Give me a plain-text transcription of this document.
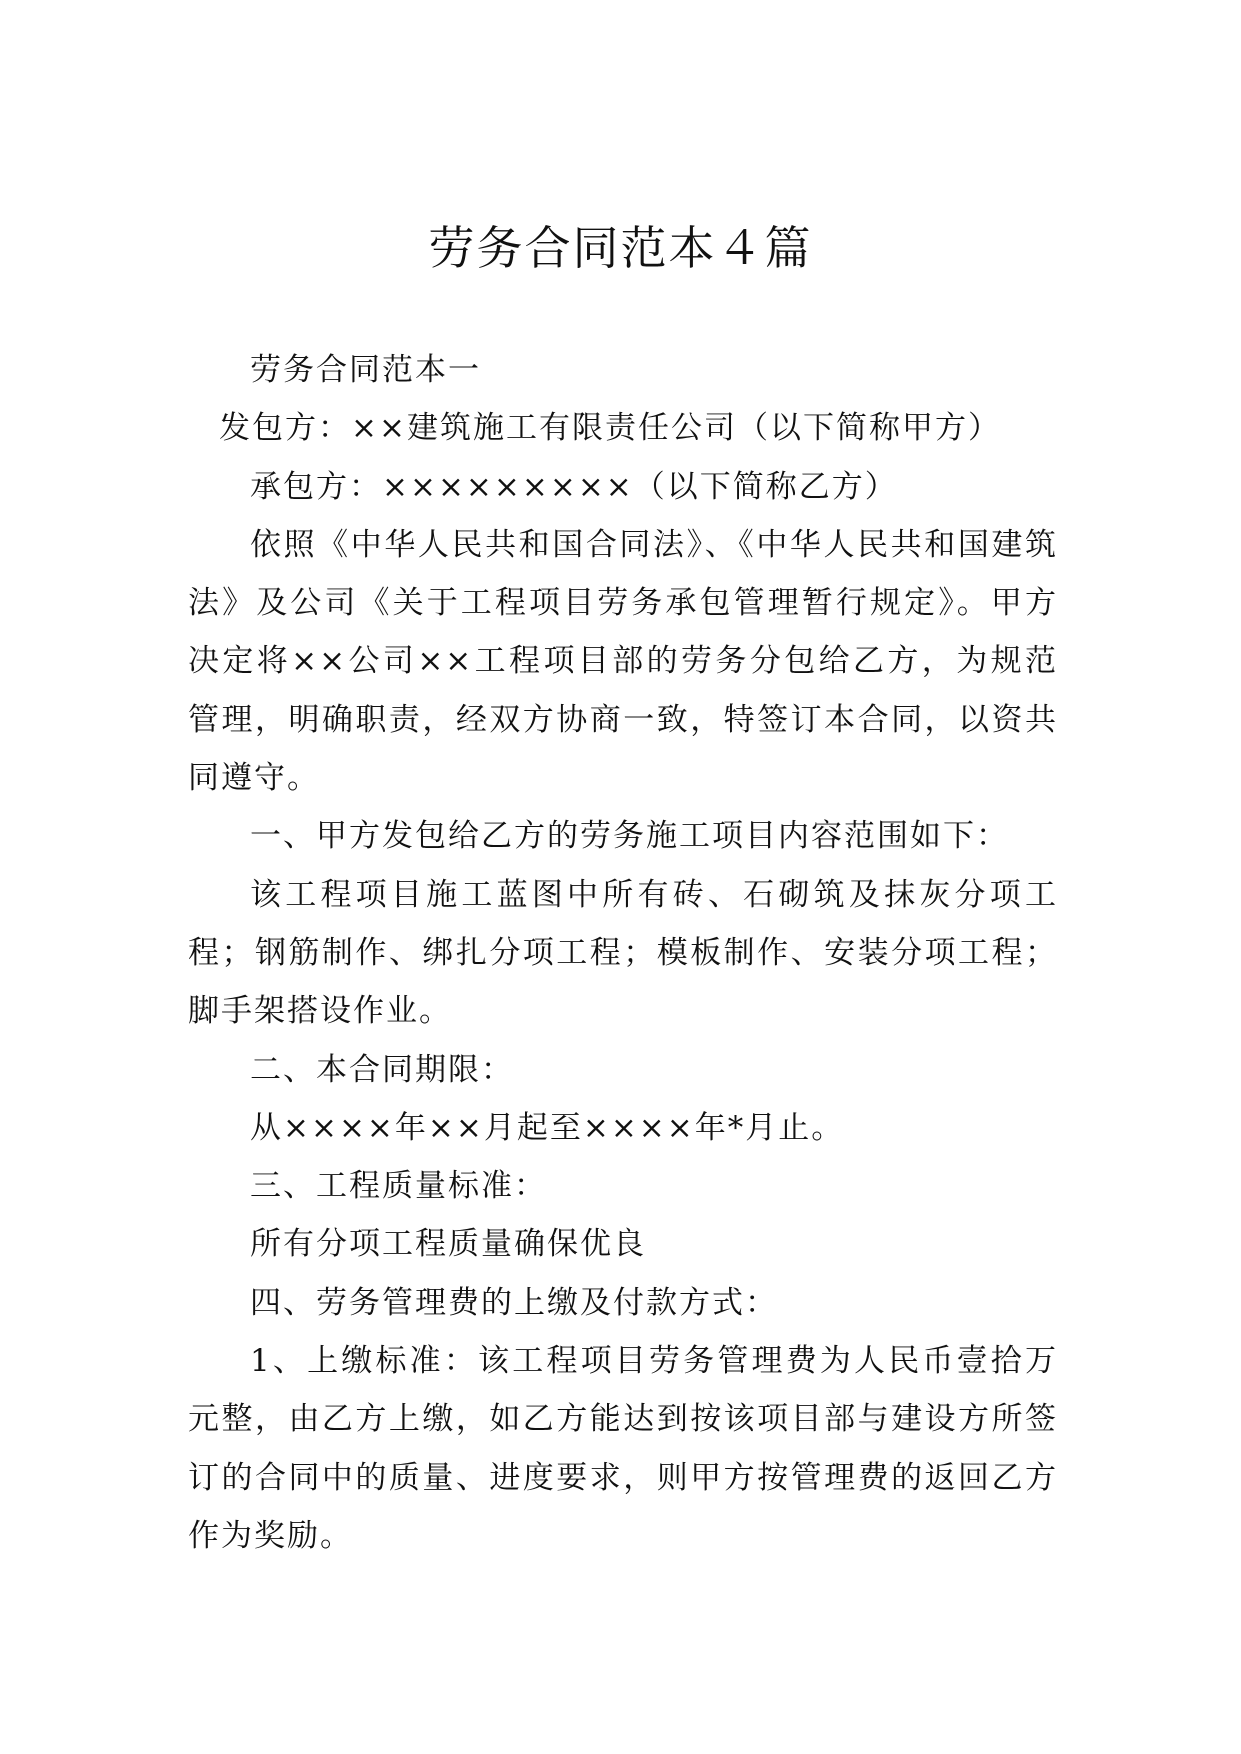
劳务合同范本４篇

劳务合同范本一

发包方：××建筑施工有限责任公司（以下简称甲方）

承包方：×××××××××（以下简称乙方）

依照《中华人民共和国合同法》、《中华人民共和国建筑法》及公司《关于工程项目劳务承包管理暂行规定》。甲方决定将××公司××工程项目部的劳务分包给乙方，为规范管理，明确职责，经双方协商一致，特签订本合同，以资共同遵守。

一、甲方发包给乙方的劳务施工项目内容范围如下：

该工程项目施工蓝图中所有砖、石砌筑及抹灰分项工程；钢筋制作、绑扎分项工程；模板制作、安装分项工程；脚手架搭设作业。

二、本合同期限：

从××××年××月起至××××年*月止。

三、工程质量标准：

所有分项工程质量确保优良

四、劳务管理费的上缴及付款方式：

1、上缴标准：该工程项目劳务管理费为人民币壹拾万元整，由乙方上缴，如乙方能达到按该项目部与建设方所签订的合同中的质量、进度要求，则甲方按管理费的返回乙方作为奖励。
